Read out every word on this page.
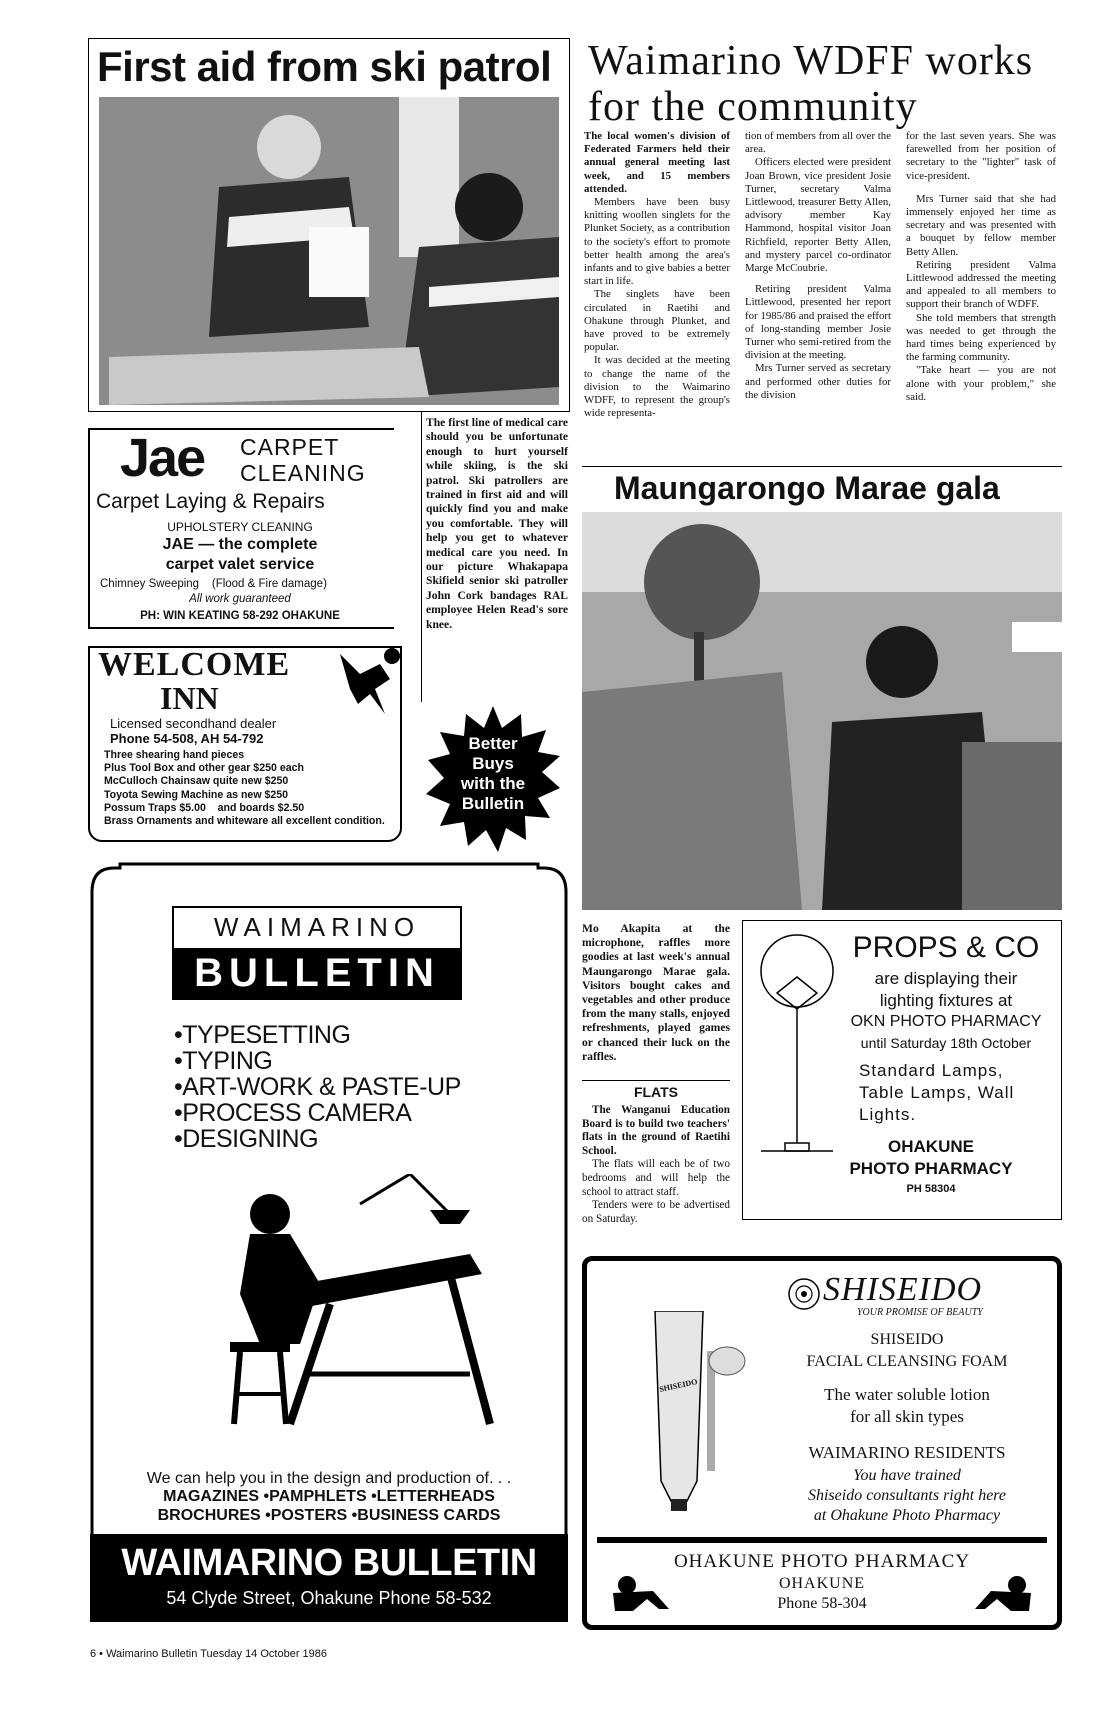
First aid from ski patrol
Jae CARPET
CLEANING
Carpet Laying & Repairs
UPHOLSTERY CLEANING
JAE — the complete
carpet valet service
Chimney Sweeping    (Flood & Fire damage)
All work guaranteed
PH: WIN KEATING 58-292 OHAKUNE
The first line of medical care should you be unfortunate enough to hurt yourself while skiing, is the ski patrol. Ski patrollers are trained in first aid and will quickly find you and make you comfortable. They will help you get to whatever medical care you need. In our picture Whakapapa Skifield senior ski patroller John Cork bandages RAL employee Helen Read's sore knee.
WELCOME
INN
Licensed secondhand dealer
Phone 54-508, AH 54-792
Three shearing hand pieces
Plus Tool Box and other gear $250 each
McCulloch Chainsaw quite new $250
Toyota Sewing Machine as new $250
Possum Traps $5.00    and boards $2.50
Brass Ornaments and whiteware all excellent condition.
Better
Buys
with the
Bulletin
Waimarino WDFF works
for the community

The local women's division of Federated Farmers held their annual general meeting last week, and 15 members attended.

Members have been busy knitting woollen singlets for the Plunket Society, as a contribution to the society's effort to promote better health among the area's infants and to give babies a better start in life.

The singlets have been circulated in Raetihi and Ohakune through Plunket, and have proved to be extremely popular.

It was decided at the meeting to change the name of the division to the Waimarino WDFF, to represent the group's wide representa-

tion of members from all over the area.

Officers elected were president Joan Brown, vice president Josie Turner, secretary Valma Littlewood, treasurer Betty Allen, advisory member Kay Hammond, hospital visitor Joan Richfield, reporter Betty Allen, and mystery parcel co-ordinator Marge McCoubrie.

Retiring president Valma Littlewood, presented her report for 1985/86 and praised the effort of long-standing member Josie Turner who semi-retired from the division at the meeting.

Mrs Turner served as secretary and performed other duties for the division

for the last seven years. She was farewelled from her position of secretary to the "lighter" task of vice-president.

Mrs Turner said that she had immensely enjoyed her time as secretary and was presented with a bouquet by fellow member Betty Allen.

Retiring president Valma Littlewood addressed the meeting and appealed to all members to support their branch of WDFF.

She told members that strength was needed to get through the hard times being experienced by the farming community.

"Take heart — you are not alone with your problem," she said.

Maungarongo Marae gala
Mo Akapita at the microphone, raffles more goodies at last week's annual Maungarongo Marae gala. Visitors bought cakes and vegetables and other produce from the many stalls, enjoyed refreshments, played games or chanced their luck on the raffles.
FLATS

The Wanganui Education Board is to build two teachers' flats in the ground of Raetihi School.

The flats will each be of two bedrooms and will help the school to attract staff.

Tenders were to be advertised on Saturday.

PROPS & CO
are displaying their
lighting fixtures at
OKN PHOTO PHARMACY
until Saturday 18th October
Standard Lamps,
Table Lamps, Wall
Lights.
OHAKUNE
PHOTO PHARMACY
PH 58304
SHISEIDO
YOUR PROMISE OF BEAUTY
SHISEIDO
SHISEIDO
FACIAL CLEANSING FOAM
The water soluble lotion
for all skin types
WAIMARINO RESIDENTS
You have trained
Shiseido consultants right here
at Ohakune Photo Pharmacy
OHAKUNE PHOTO PHARMACY
OHAKUNE
Phone 58-304
WAIMARINO
BULLETIN
•TYPESETTING
•TYPING
•ART-WORK & PASTE-UP
•PROCESS CAMERA
•DESIGNING
We can help you in the design and production of. . .
MAGAZINES •PAMPHLETS •LETTERHEADS
BROCHURES •POSTERS •BUSINESS CARDS
WAIMARINO BULLETIN
54 Clyde Street, Ohakune Phone 58-532
6 • Waimarino Bulletin Tuesday 14 October 1986
